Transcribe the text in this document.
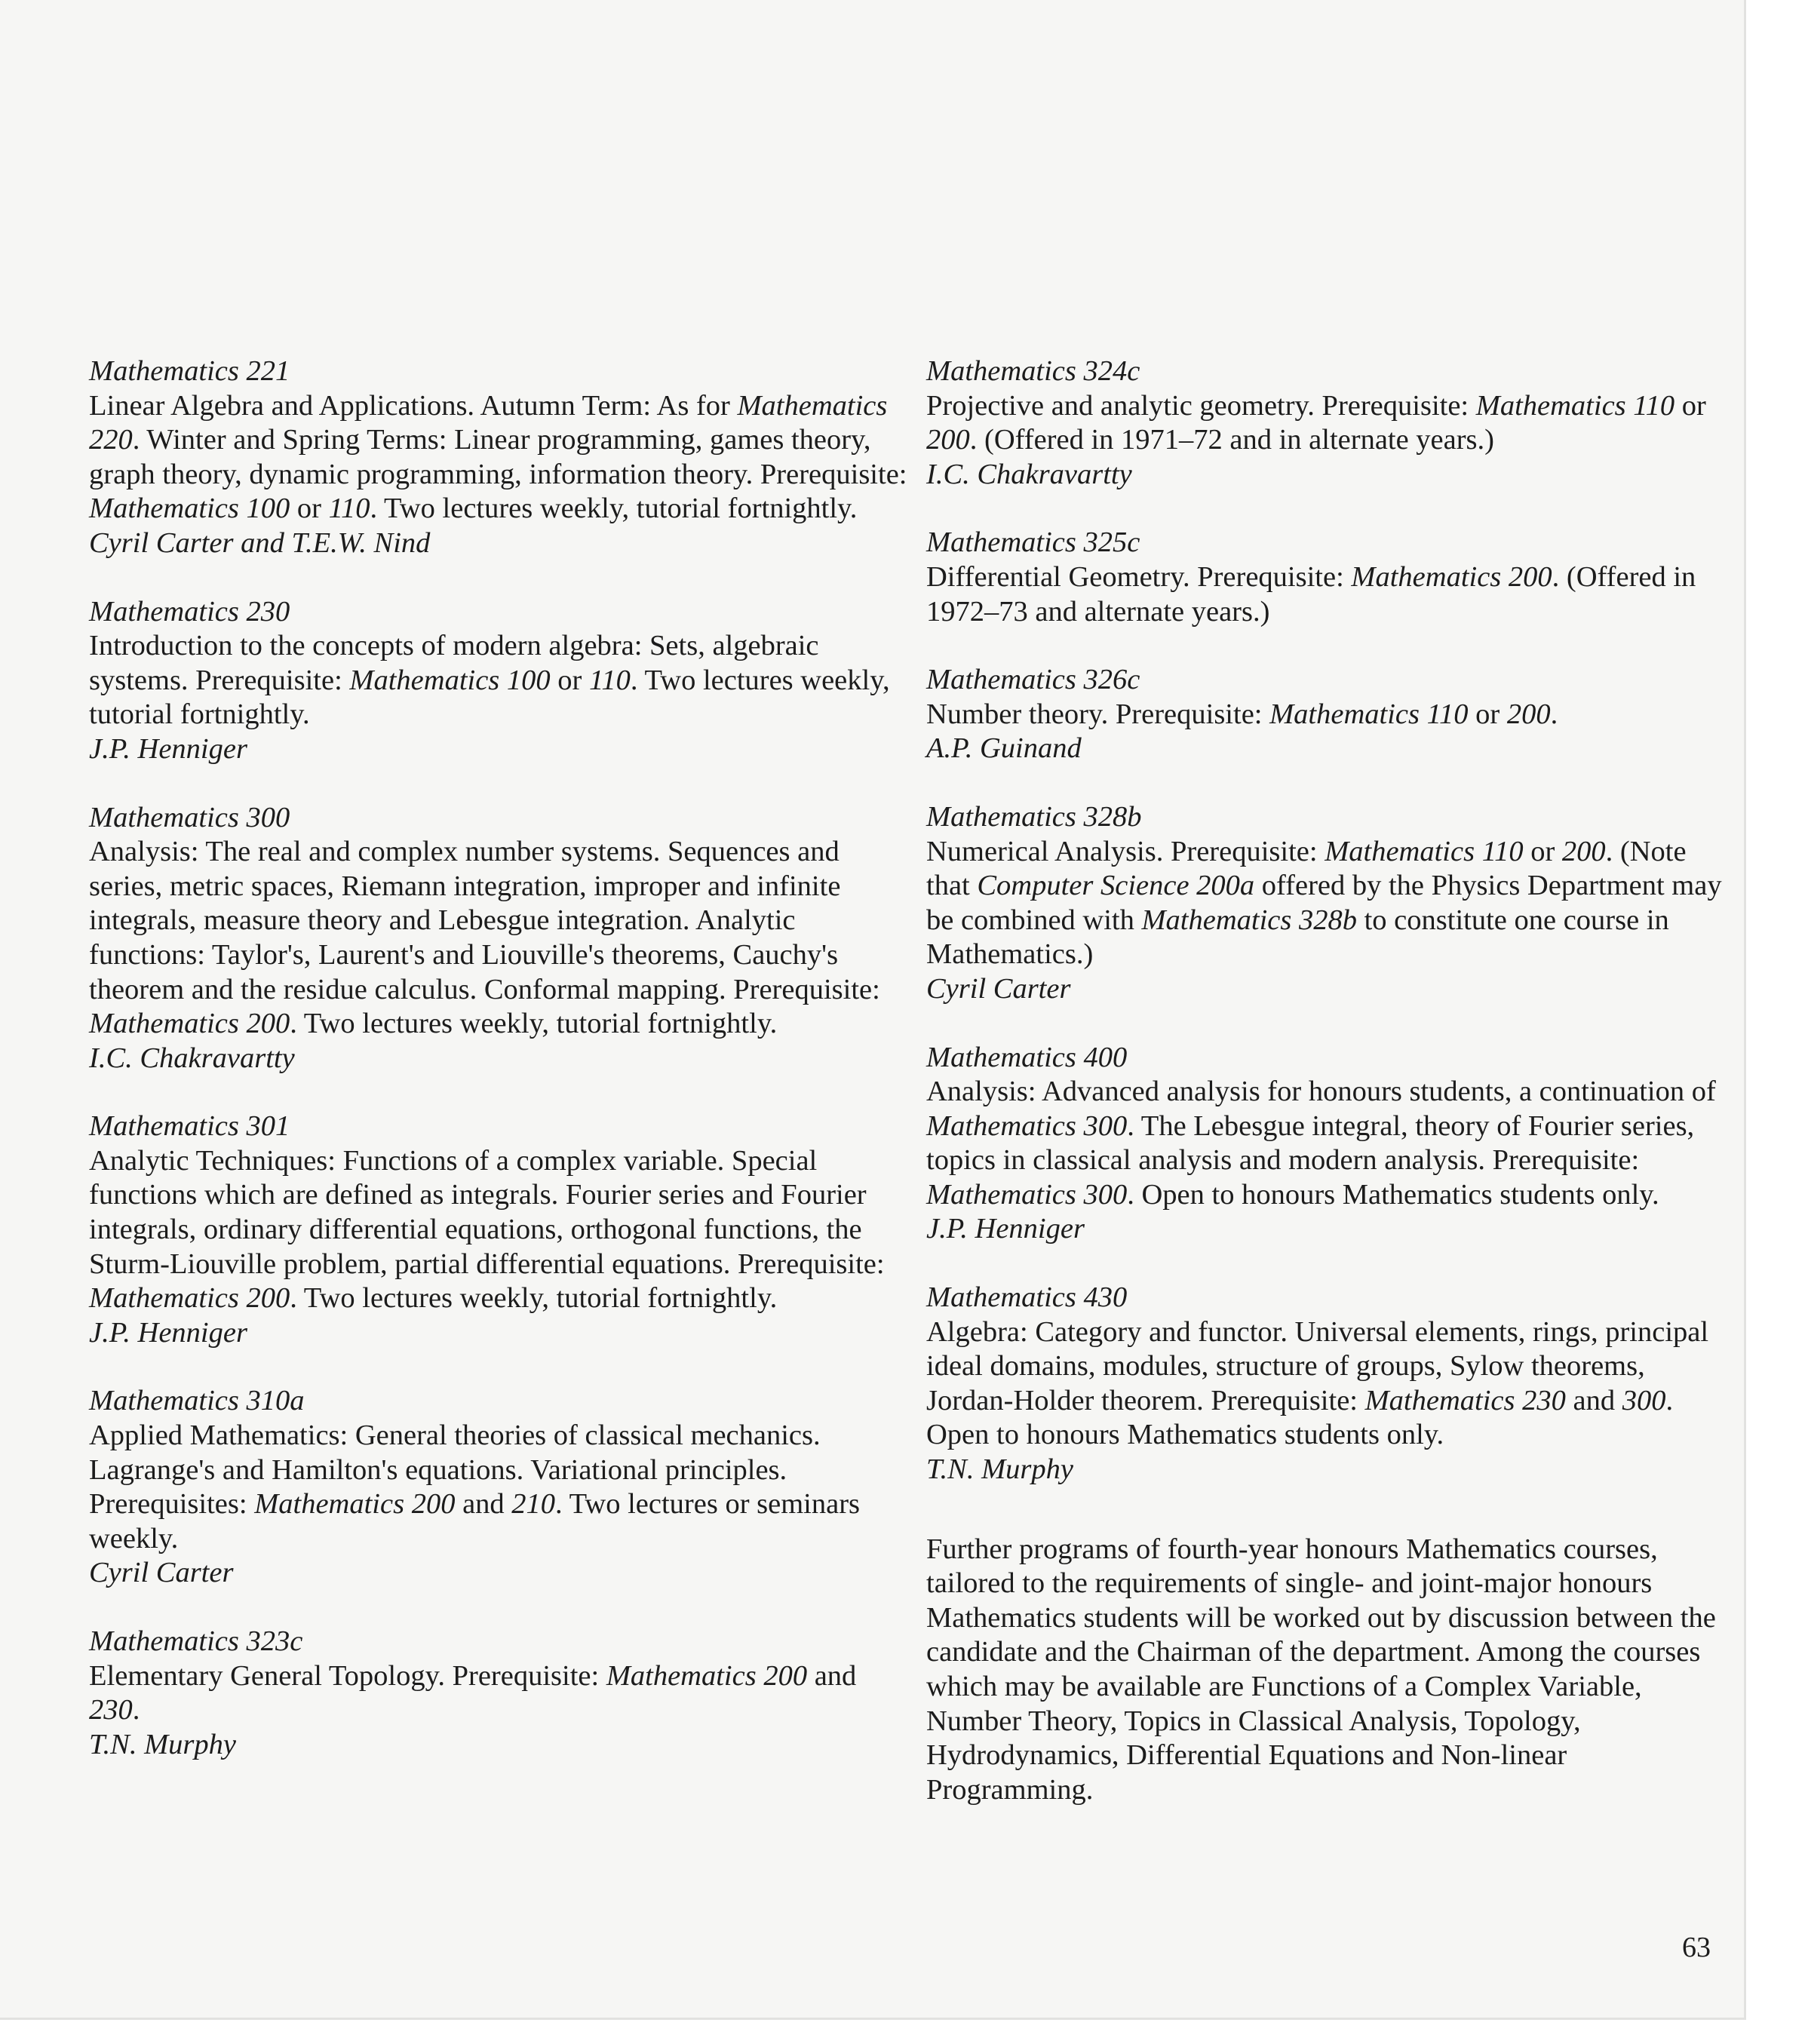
Mathematics 221
Linear Algebra and Applications. Autumn Term: As for Mathematics 220. Winter and Spring Terms: Linear programming, games theory, graph theory, dynamic programming, information theory. Prerequisite: Mathematics 100 or 110. Two lectures weekly, tutorial fortnightly.
Cyril Carter and T.E.W. Nind
Mathematics 230
Introduction to the concepts of modern algebra: Sets, algebraic systems. Prerequisite: Mathematics 100 or 110. Two lectures weekly, tutorial fortnightly.
J.P. Henniger
Mathematics 300
Analysis: The real and complex number systems. Sequences and series, metric spaces, Riemann integration, improper and infinite integrals, measure theory and Lebesgue integration. Analytic functions: Taylor's, Laurent's and Liouville's theorems, Cauchy's theorem and the residue calculus. Conformal mapping. Prerequisite: Mathematics 200. Two lectures weekly, tutorial fortnightly.
I.C. Chakravartty
Mathematics 301
Analytic Techniques: Functions of a complex variable. Special functions which are defined as integrals. Fourier series and Fourier integrals, ordinary differential equations, orthogonal functions, the Sturm-Liouville problem, partial differential equations. Prerequisite: Mathematics 200. Two lectures weekly, tutorial fortnightly.
J.P. Henniger
Mathematics 310a
Applied Mathematics: General theories of classical mechanics. Lagrange's and Hamilton's equations. Variational principles. Prerequisites: Mathematics 200 and 210. Two lectures or seminars weekly.
Cyril Carter
Mathematics 323c
Elementary General Topology. Prerequisite: Mathematics 200 and 230.
T.N. Murphy
Mathematics 324c
Projective and analytic geometry. Prerequisite: Mathematics 110 or 200. (Offered in 1971–72 and in alternate years.)
I.C. Chakravartty
Mathematics 325c
Differential Geometry. Prerequisite: Mathematics 200. (Offered in 1972–73 and alternate years.)
Mathematics 326c
Number theory. Prerequisite: Mathematics 110 or 200.
A.P. Guinand
Mathematics 328b
Numerical Analysis. Prerequisite: Mathematics 110 or 200. (Note that Computer Science 200a offered by the Physics Department may be combined with Mathematics 328b to constitute one course in Mathematics.)
Cyril Carter
Mathematics 400
Analysis: Advanced analysis for honours students, a continuation of Mathematics 300. The Lebesgue integral, theory of Fourier series, topics in classical analysis and modern analysis. Prerequisite: Mathematics 300. Open to honours Mathematics students only.
J.P. Henniger
Mathematics 430
Algebra: Category and functor. Universal elements, rings, principal ideal domains, modules, structure of groups, Sylow theorems, Jordan-Holder theorem. Prerequisite: Mathematics 230 and 300. Open to honours Mathematics students only.
T.N. Murphy
Further programs of fourth-year honours Mathematics courses, tailored to the requirements of single- and joint-major honours Mathematics students will be worked out by discussion between the candidate and the Chairman of the department. Among the courses which may be available are Functions of a Complex Variable, Number Theory, Topics in Classical Analysis, Topology, Hydrodynamics, Differential Equations and Non-linear Programming.
63
